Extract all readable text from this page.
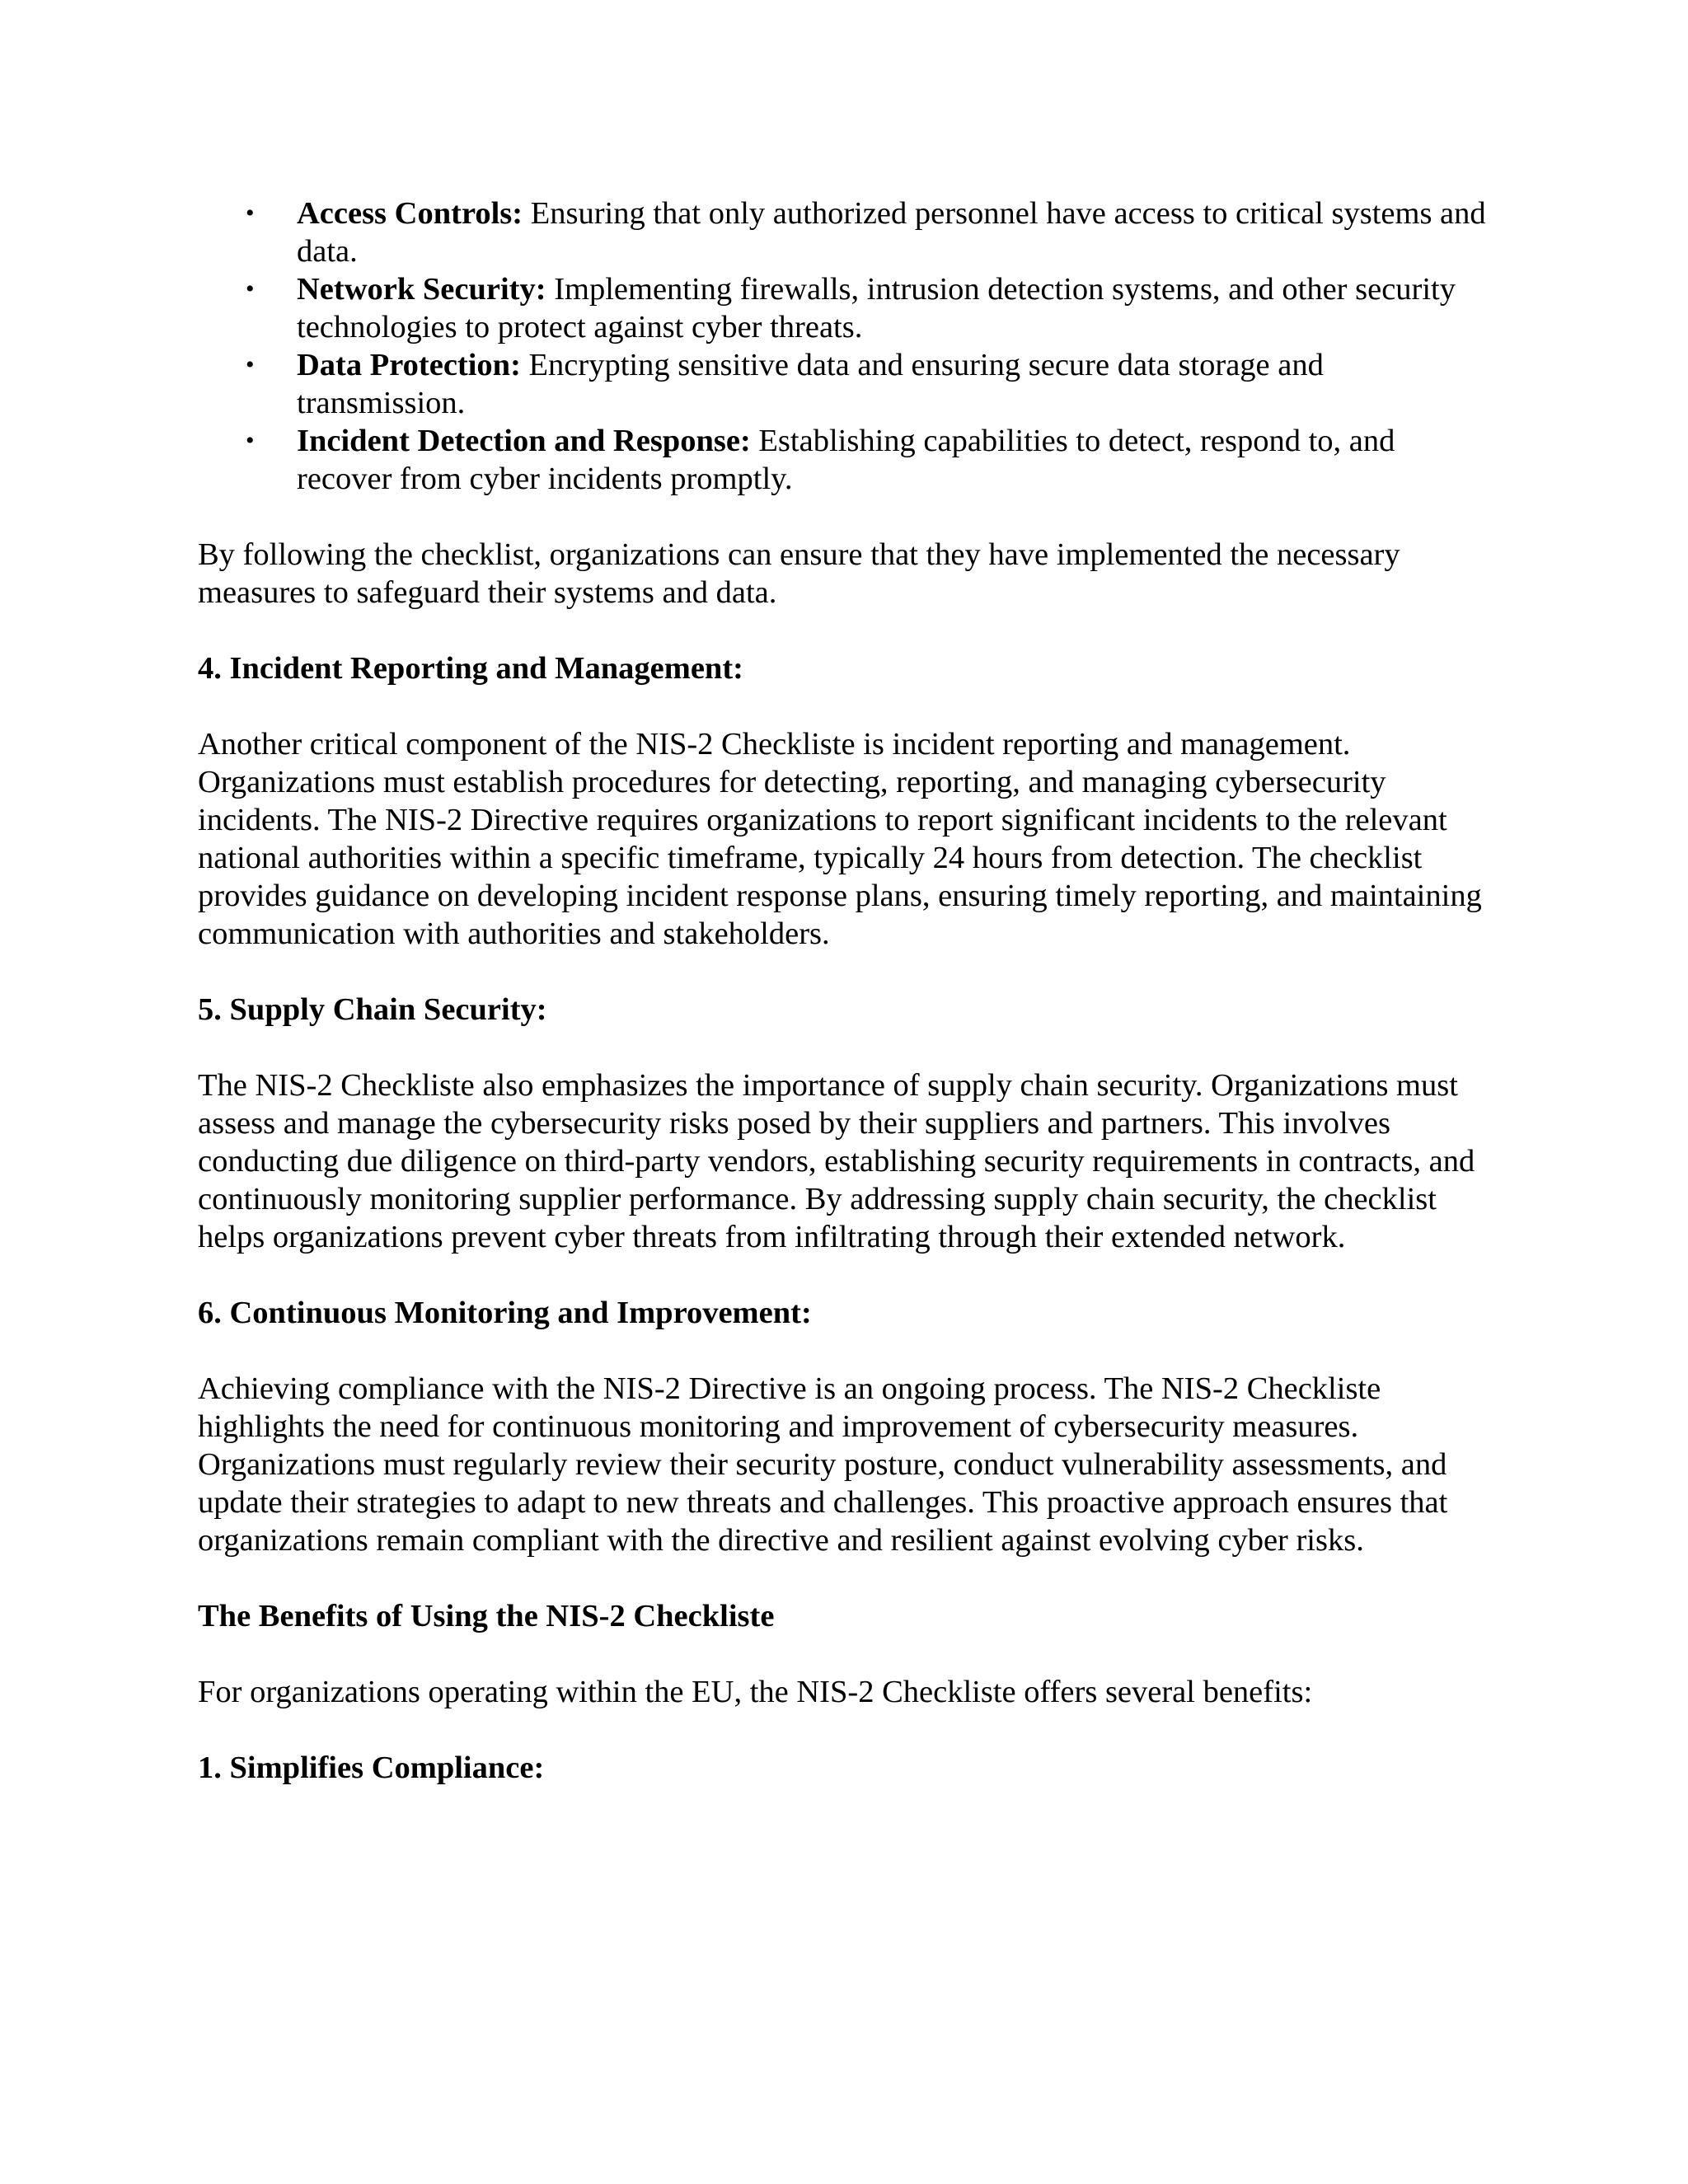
• Access Controls: Ensuring that only authorized personnel have access to critical systems and data.
• Network Security: Implementing firewalls, intrusion detection systems, and other security technologies to protect against cyber threats.
• Data Protection: Encrypting sensitive data and ensuring secure data storage and transmission.
• Incident Detection and Response: Establishing capabilities to detect, respond to, and recover from cyber incidents promptly.

By following the checklist, organizations can ensure that they have implemented the necessary measures to safeguard their systems and data.

4. Incident Reporting and Management:

Another critical component of the NIS-2 Checkliste is incident reporting and management. Organizations must establish procedures for detecting, reporting, and managing cybersecurity incidents. The NIS-2 Directive requires organizations to report significant incidents to the relevant national authorities within a specific timeframe, typically 24 hours from detection. The checklist provides guidance on developing incident response plans, ensuring timely reporting, and maintaining communication with authorities and stakeholders.

5. Supply Chain Security:

The NIS-2 Checkliste also emphasizes the importance of supply chain security. Organizations must assess and manage the cybersecurity risks posed by their suppliers and partners. This involves conducting due diligence on third-party vendors, establishing security requirements in contracts, and continuously monitoring supplier performance. By addressing supply chain security, the checklist helps organizations prevent cyber threats from infiltrating through their extended network.

6. Continuous Monitoring and Improvement:

Achieving compliance with the NIS-2 Directive is an ongoing process. The NIS-2 Checkliste highlights the need for continuous monitoring and improvement of cybersecurity measures. Organizations must regularly review their security posture, conduct vulnerability assessments, and update their strategies to adapt to new threats and challenges. This proactive approach ensures that organizations remain compliant with the directive and resilient against evolving cyber risks.

The Benefits of Using the NIS-2 Checkliste

For organizations operating within the EU, the NIS-2 Checkliste offers several benefits:

1. Simplifies Compliance:
